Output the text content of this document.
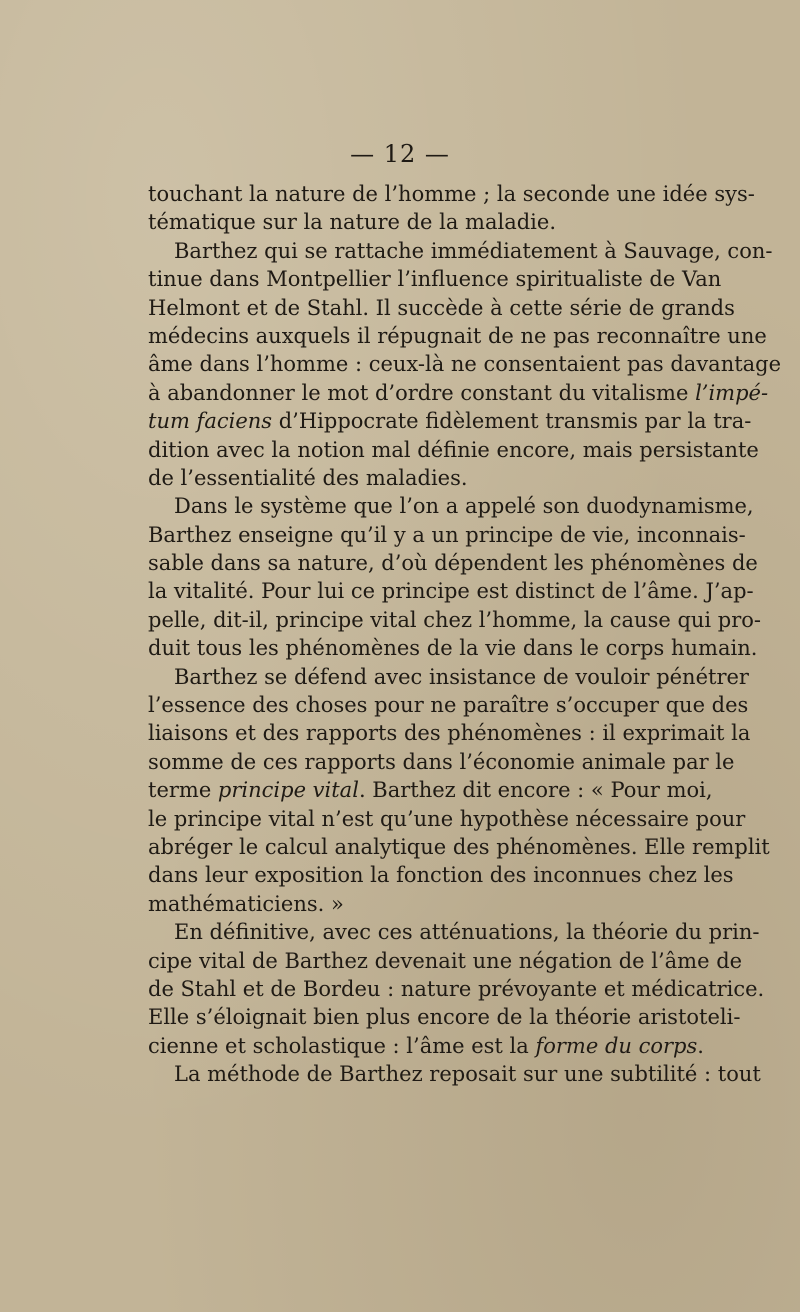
— 12 —
touchant la nature de l’homme ; la seconde une idée sys-
tématique sur la nature de la maladie.
Barthez qui se rattache immédiatement à Sauvage, con-
tinue dans Montpellier l’influence spiritualiste de Van
Helmont et de Stahl. Il succède à cette série de grands
médecins auxquels il répugnait de ne pas reconnaître une
âme dans l’homme : ceux-là ne consentaient pas davantage
à abandonner le mot d’ordre constant du vitalisme l’impé-
tum faciens d’Hippocrate fidèlement transmis par la tra-
dition avec la notion mal définie encore, mais persistante
de l’essentialité des maladies.
Dans le système que l’on a appelé son duodynamisme,
Barthez enseigne qu’il y a un principe de vie, inconnais-
sable dans sa nature, d’où dépendent les phénomènes de
la vitalité. Pour lui ce principe est distinct de l’âme. J’ap-
pelle, dit-il, principe vital chez l’homme, la cause qui pro-
duit tous les phénomènes de la vie dans le corps humain.
Barthez se défend avec insistance de vouloir pénétrer
l’essence des choses pour ne paraître s’occuper que des
liaisons et des rapports des phénomènes : il exprimait la
somme de ces rapports dans l’économie animale par le
terme principe vital. Barthez dit encore : « Pour moi,
le principe vital n’est qu’une hypothèse nécessaire pour
abréger le calcul analytique des phénomènes. Elle remplit
dans leur exposition la fonction des inconnues chez les
mathématiciens. »
En définitive, avec ces atténuations, la théorie du prin-
cipe vital de Barthez devenait une négation de l’âme de
de Stahl et de Bordeu : nature prévoyante et médicatrice.
Elle s’éloignait bien plus encore de la théorie aristoteli-
cienne et scholastique : l’âme est la forme du corps.
La méthode de Barthez reposait sur une subtilité : tout
